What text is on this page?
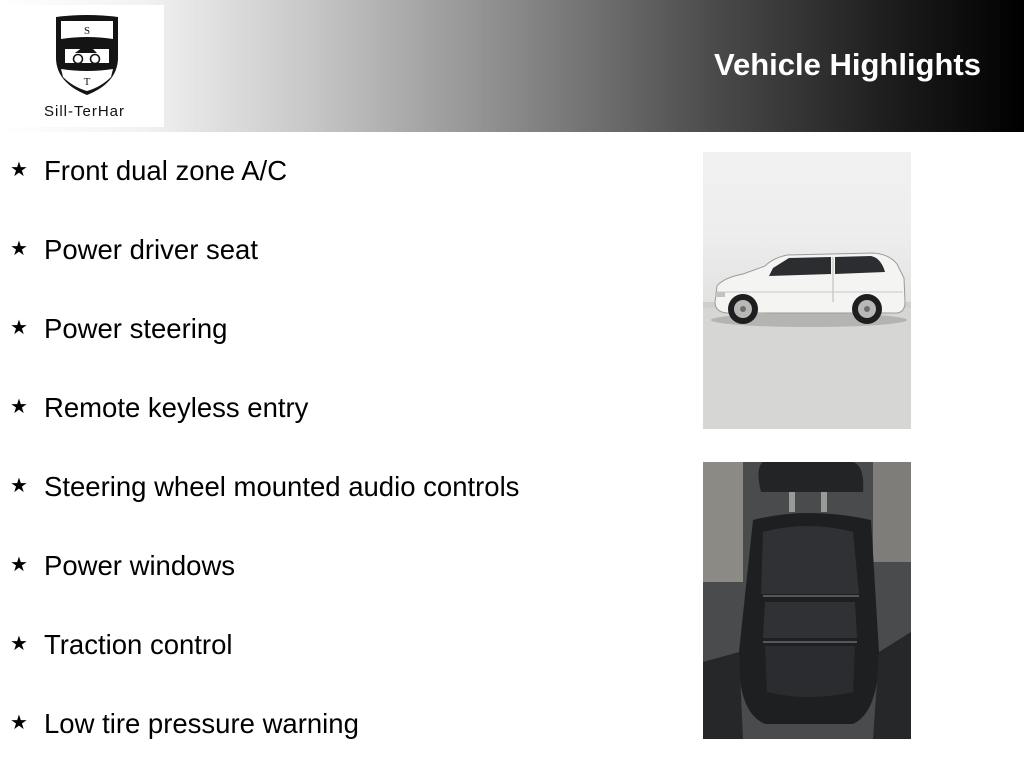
S
T
Sill-TerHar
Vehicle Highlights
★ Front dual zone A/C
★ Power driver seat
★ Power steering
★ Remote keyless entry
★ Steering wheel mounted audio controls
★ Power windows
★ Traction control
★ Low tire pressure warning
